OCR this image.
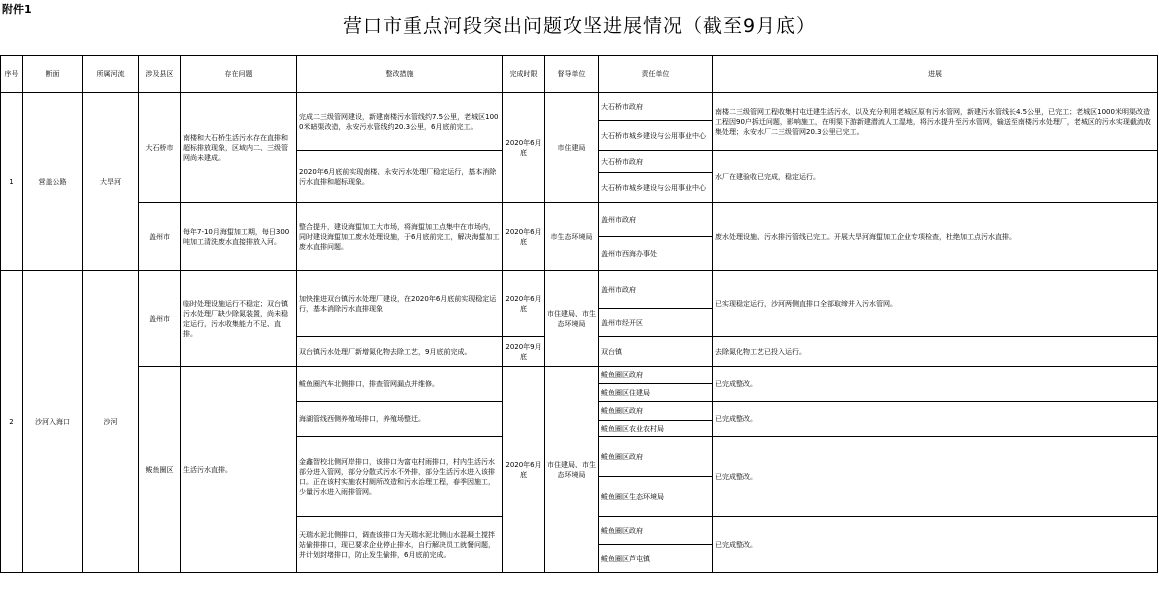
附件1
营口市重点河段突出问题攻坚进展情况（截至9月底）
序号	断面	所属河流	涉及县区	存在问题	整改措施	完成时限	督导单位	责任单位	进展
1	营盖公路	大旱河	大石桥市	南楼和大石桥生活污水存在直排和超标排放现象，区域内二、三级管网尚未建成。	完成二三级管网建设，新建南楼污水管线约7.5公里，老城区1000米暗渠改造，永安污水管线约20.3公里，6月底前完工。	2020年6月底	市住建局	大石桥市政府	南楼二三级管网工程收集村屯迁建生活污水，以及充分利用老城区原有污水管网，新建污水管线长4.5公里，已完工；老城区1000米明渠改造工程因90户拆迁问题，影响施工，在明渠下游新建潜流人工湿地，将污水提升至污水管网，输送至南楼污水处理厂，老城区的污水实现截流收集处理；永安水厂二三级管网20.3公里已完工。
								大石桥市城乡建设与公用事业中心	
					2020年6月底前实现南楼、永安污水处理厂稳定运行，基本消除污水直排和超标现象。			大石桥市政府	水厂在建验收已完成，稳定运行。
								大石桥市城乡建设与公用事业中心	
			盖州市	每年7-10月海蜇加工期，每日300吨加工清洗废水直接排放入河。	整合提升，建设海蜇加工大市场，将海蜇加工点集中在市场内，同时建设海蜇加工废水处理设施，于6月底前完工，解决海蜇加工废水直排问题。	2020年6月底	市生态环境局	盖州市政府	废水处理设施、污水排污管线已完工。开展大旱河海蜇加工企业专项检查，杜绝加工点污水直排。
								盖州市西海办事处	
2	沙河入海口	沙河	盖州市	临时处理设施运行不稳定；双台镇污水处理厂缺少除氮装置，尚未稳定运行，污水收集能力不足、直排。	加快推进双台镇污水处理厂建设，在2020年6月底前实现稳定运行，基本消除污水直排现象	2020年6月底	市住建局、市生态环境局	盖州市政府	已实现稳定运行，沙河两侧直排口全部取缔并入污水管网。
								盖州市经开区	
					双台镇污水处理厂新增氮化物去除工艺，9月底前完成。	2020年9月底		双台镇	去除氮化物工艺已投入运行。
			鲅鱼圈区	生活污水直排。	鲅鱼圈汽车北侧排口，排查管网漏点并维修。	2020年6月底	市住建局、市生态环境局	鲅鱼圈区政府	已完成整改。
								鲅鱼圈区住建局	
					海湖管线西侧养殖场排口，养殖场整迁。			鲅鱼圈区政府	已完成整改。
								鲅鱼圈区农业农村局	
					金鑫智校北侧河岸排口，该排口为富屯村雨排口，村内生活污水部分进入管网，部分分散式污水不外排，部分生活污水进入该排口。正在该村实施农村厕所改造和污水治理工程，春季因施工，少量污水进入雨排管网。			鲅鱼圈区政府	已完成整改。
								鲅鱼圈区生态环境局	
					天瑞水泥北侧排口，调查该排口为天瑞水泥北侧山水混凝土搅拌站偷排排口，现已要求企业停止排水，自行解决员工就餐问题，并计划封堵排口，防止发生偷排，6月底前完成。			鲅鱼圈区政府	已完成整改。
								鲅鱼圈区芦屯镇	
